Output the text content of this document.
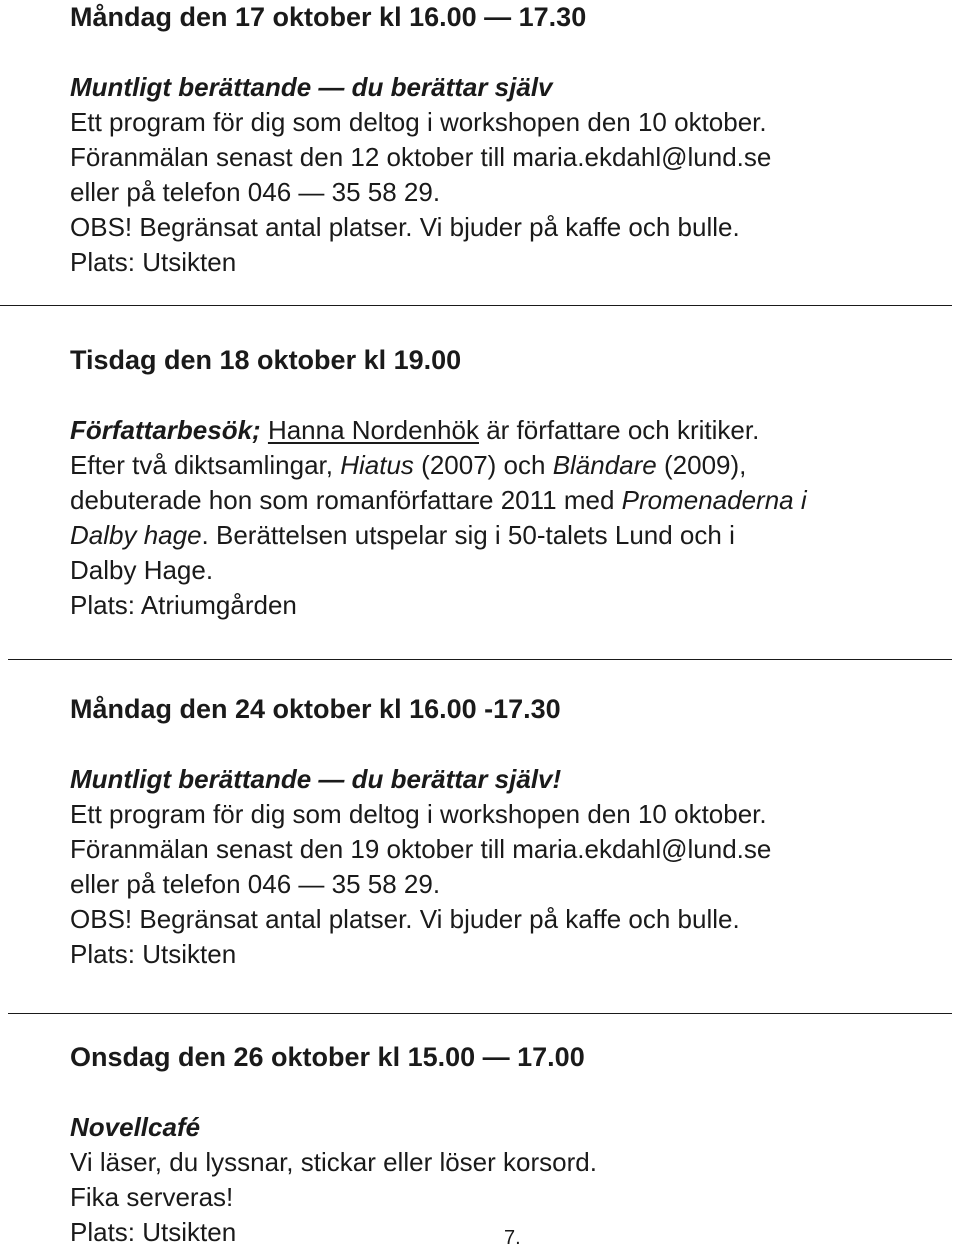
Måndag den 17 oktober kl 16.00 — 17.30

Muntligt berättande — du berättar själv

Ett program för dig som deltog i workshopen den 10 oktober.

Föranmälan senast den 12 oktober till maria.ekdahl@lund.se

eller på telefon 046 — 35 58 29.

OBS! Begränsat antal platser. Vi bjuder på kaffe och bulle.

Plats: Utsikten

Tisdag den 18 oktober kl 19.00

Författarbesök; Hanna Nordenhök är författare och kritiker.

Efter två diktsamlingar, Hiatus (2007) och Bländare (2009),

debuterade hon som romanförfattare 2011 med Promenaderna i

Dalby hage. Berättelsen utspelar sig i 50-talets Lund och i

Dalby Hage.

Plats: Atriumgården

Måndag den 24 oktober kl 16.00 -17.30

Muntligt berättande — du berättar själv!

Ett program för dig som deltog i workshopen den 10 oktober.

Föranmälan senast den 19 oktober till maria.ekdahl@lund.se

eller på telefon 046 — 35 58 29.

OBS! Begränsat antal platser. Vi bjuder på kaffe och bulle.

Plats: Utsikten

Onsdag den 26 oktober kl 15.00 — 17.00

Novellcafé

Vi läser, du lyssnar, stickar eller löser korsord.

Fika serveras!

Plats: Utsikten	7.
